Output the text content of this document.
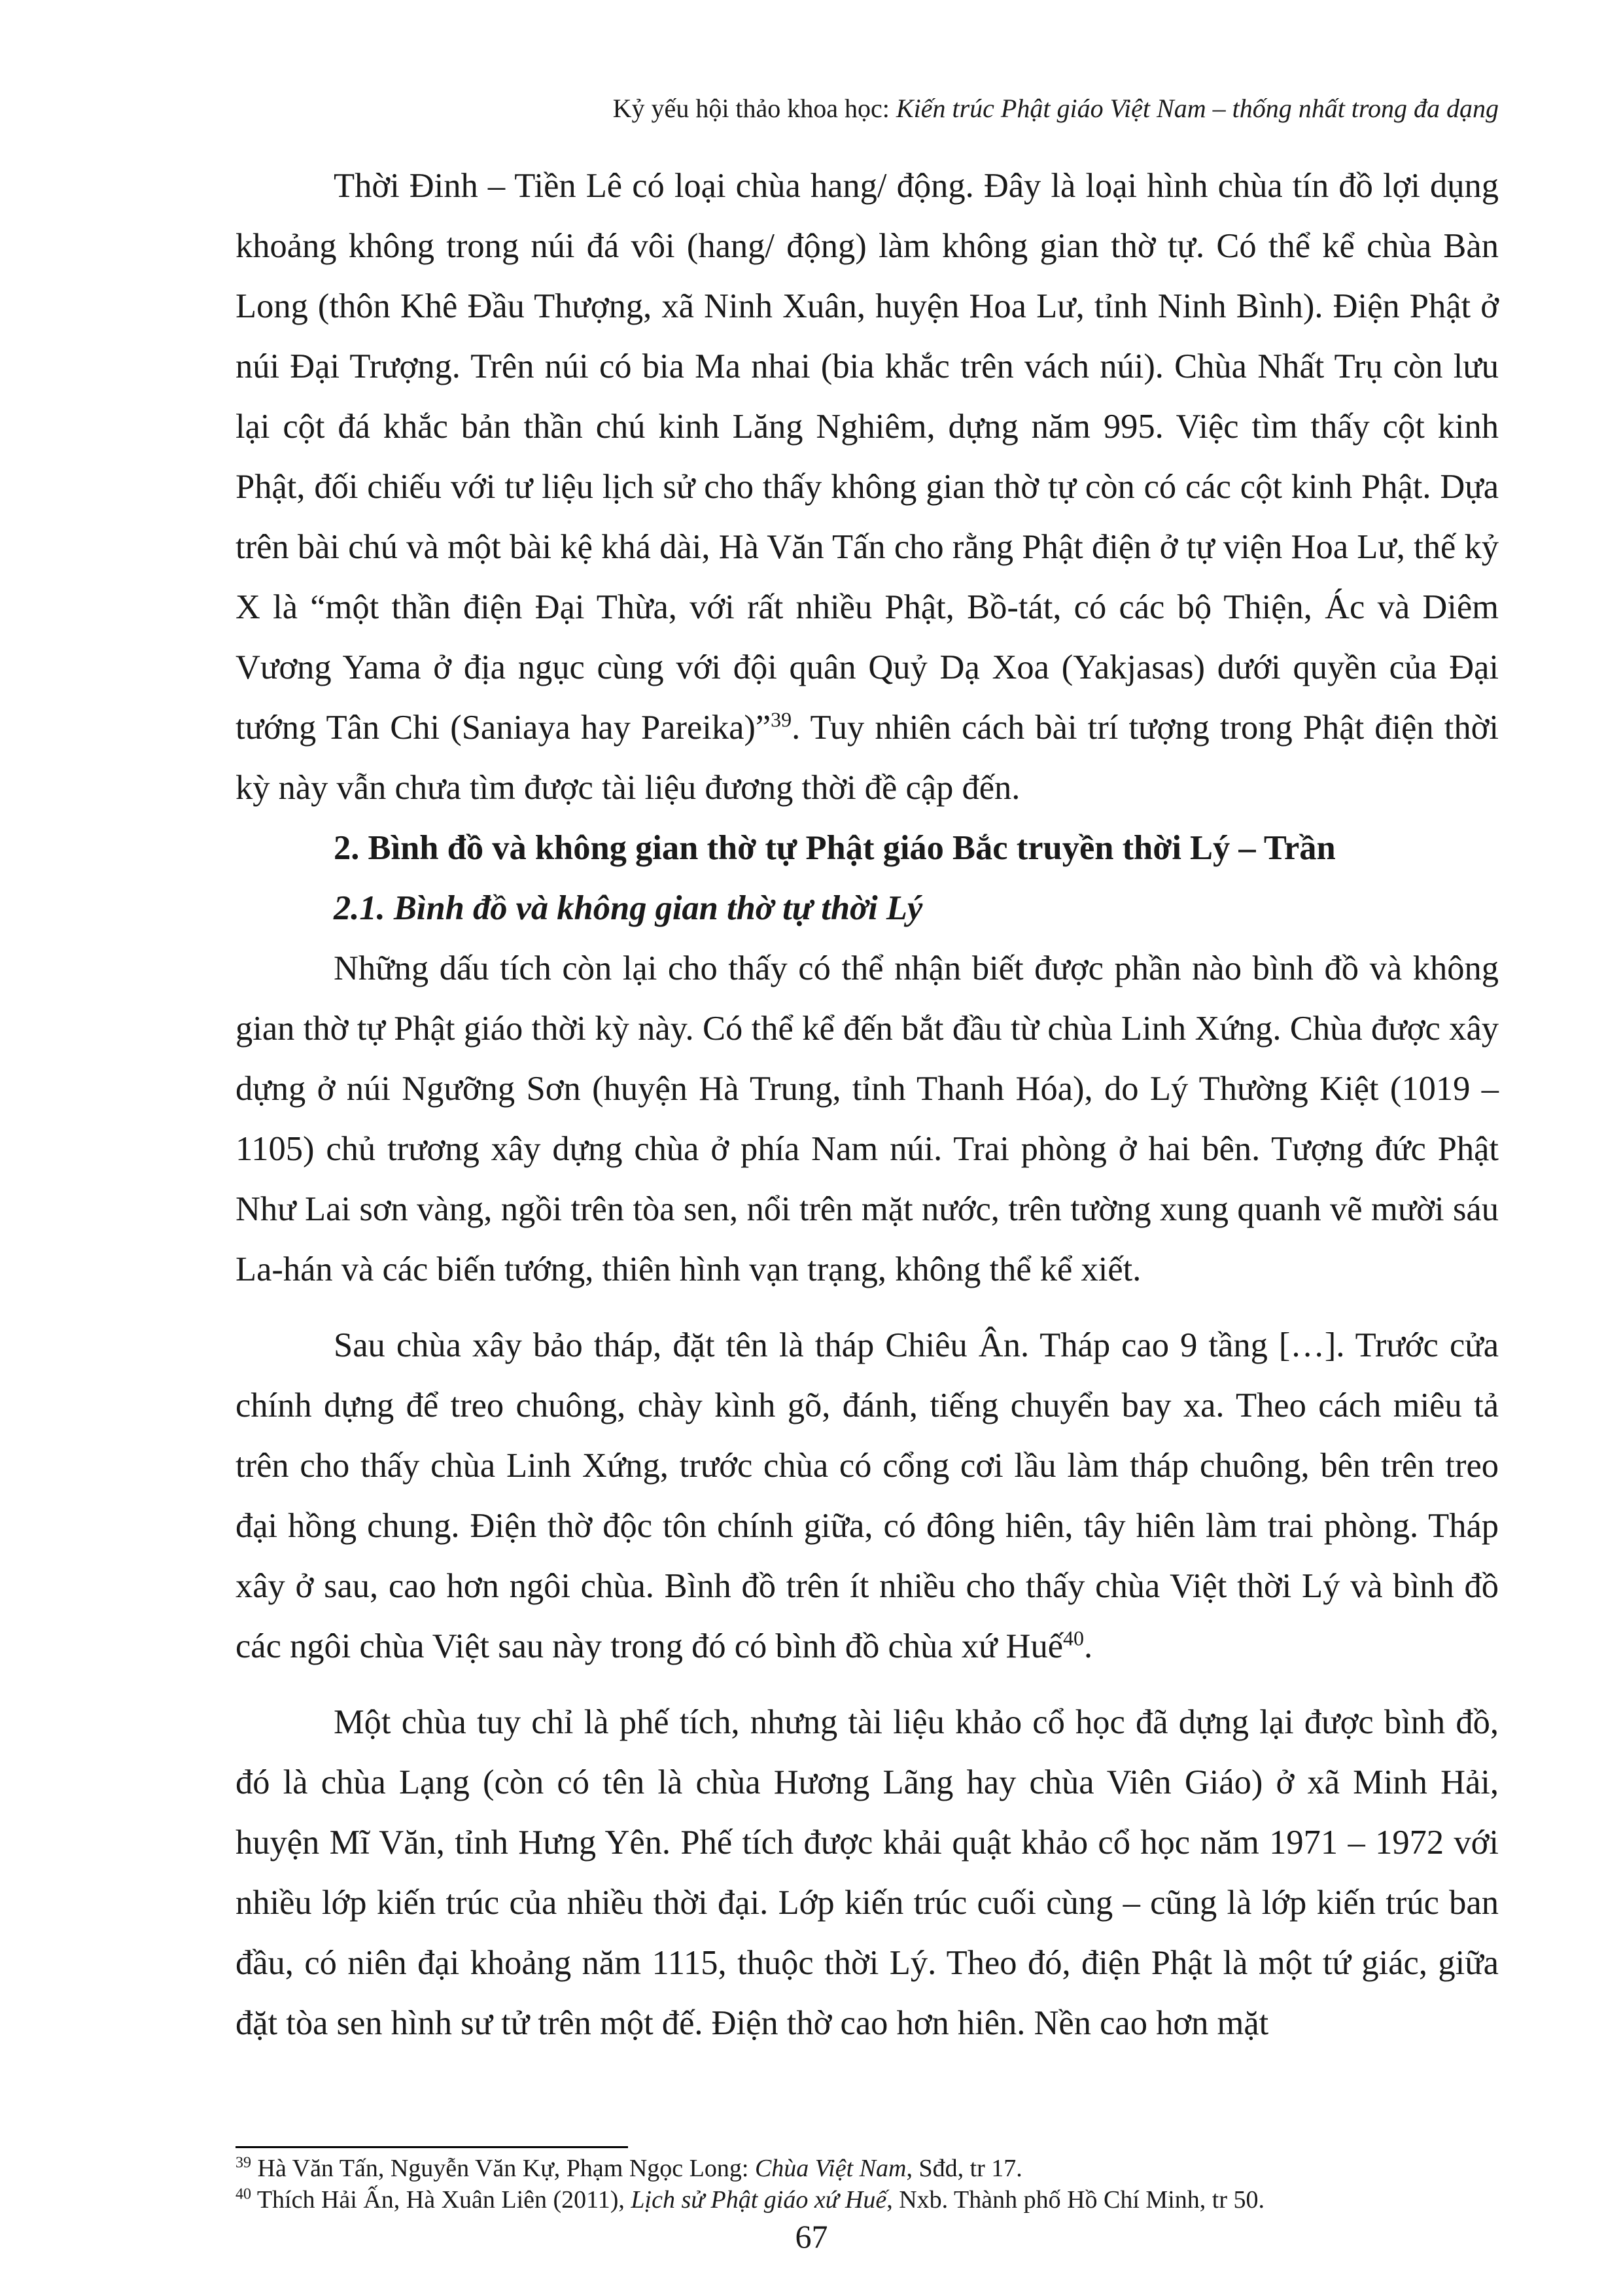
Kỷ yếu hội thảo khoa học: Kiến trúc Phật giáo Việt Nam – thống nhất trong đa dạng

Thời Đinh – Tiền Lê có loại chùa hang/ động. Đây là loại hình chùa tín đồ lợi dụng khoảng không trong núi đá vôi (hang/ động) làm không gian thờ tự. Có thể kể chùa Bàn Long (thôn Khê Đầu Thượng, xã Ninh Xuân, huyện Hoa Lư, tỉnh Ninh Bình). Điện Phật ở núi Đại Trượng. Trên núi có bia Ma nhai (bia khắc trên vách núi). Chùa Nhất Trụ còn lưu lại cột đá khắc bản thần chú kinh Lăng Nghiêm, dựng năm 995. Việc tìm thấy cột kinh Phật, đối chiếu với tư liệu lịch sử cho thấy không gian thờ tự còn có các cột kinh Phật. Dựa trên bài chú và một bài kệ khá dài, Hà Văn Tấn cho rằng Phật điện ở tự viện Hoa Lư, thế kỷ X là “một thần điện Đại Thừa, với rất nhiều Phật, Bồ-tát, có các bộ Thiện, Ác và Diêm Vương Yama ở địa ngục cùng với đội quân Quỷ Dạ Xoa (Yakjasas) dưới quyền của Đại tướng Tân Chi (Saniaya hay Pareika)”$^{39}$. Tuy nhiên cách bài trí tượng trong Phật điện thời kỳ này vẫn chưa tìm được tài liệu đương thời đề cập đến.

2. Bình đồ và không gian thờ tự Phật giáo Bắc truyền thời Lý – Trần
2.1. Bình đồ và không gian thờ tự thời Lý

Những dấu tích còn lại cho thấy có thể nhận biết được phần nào bình đồ và không gian thờ tự Phật giáo thời kỳ này. Có thể kể đến bắt đầu từ chùa Linh Xứng. Chùa được xây dựng ở núi Ngưỡng Sơn (huyện Hà Trung, tỉnh Thanh Hóa), do Lý Thường Kiệt (1019 – 1105) chủ trương xây dựng chùa ở phía Nam núi. Trai phòng ở hai bên. Tượng đức Phật Như Lai sơn vàng, ngồi trên tòa sen, nổi trên mặt nước, trên tường xung quanh vẽ mười sáu La-hán và các biến tướng, thiên hình vạn trạng, không thể kể xiết.

Sau chùa xây bảo tháp, đặt tên là tháp Chiêu Ân. Tháp cao 9 tầng […]. Trước cửa chính dựng để treo chuông, chày kình gõ, đánh, tiếng chuyển bay xa. Theo cách miêu tả trên cho thấy chùa Linh Xứng, trước chùa có cổng cơi lầu làm tháp chuông, bên trên treo đại hồng chung. Điện thờ độc tôn chính giữa, có đông hiên, tây hiên làm trai phòng. Tháp xây ở sau, cao hơn ngôi chùa. Bình đồ trên ít nhiều cho thấy chùa Việt thời Lý và bình đồ các ngôi chùa Việt sau này trong đó có bình đồ chùa xứ Huế$^{40}$.

Một chùa tuy chỉ là phế tích, nhưng tài liệu khảo cổ học đã dựng lại được bình đồ, đó là chùa Lạng (còn có tên là chùa Hương Lãng hay chùa Viên Giáo) ở xã Minh Hải, huyện Mĩ Văn, tỉnh Hưng Yên. Phế tích được khải quật khảo cổ học năm 1971 – 1972 với nhiều lớp kiến trúc của nhiều thời đại. Lớp kiến trúc cuối cùng – cũng là lớp kiến trúc ban đầu, có niên đại khoảng năm 1115, thuộc thời Lý. Theo đó, điện Phật là một tứ giác, giữa đặt tòa sen hình sư tử trên một đế. Điện thờ cao hơn hiên. Nền cao hơn mặt

$^{39}$ Hà Văn Tấn, Nguyễn Văn Kự, Phạm Ngọc Long: Chùa Việt Nam, Sđd, tr 17.
$^{40}$ Thích Hải Ấn, Hà Xuân Liên (2011), Lịch sử Phật giáo xứ Huế, Nxb. Thành phố Hồ Chí Minh, tr 50.
67
